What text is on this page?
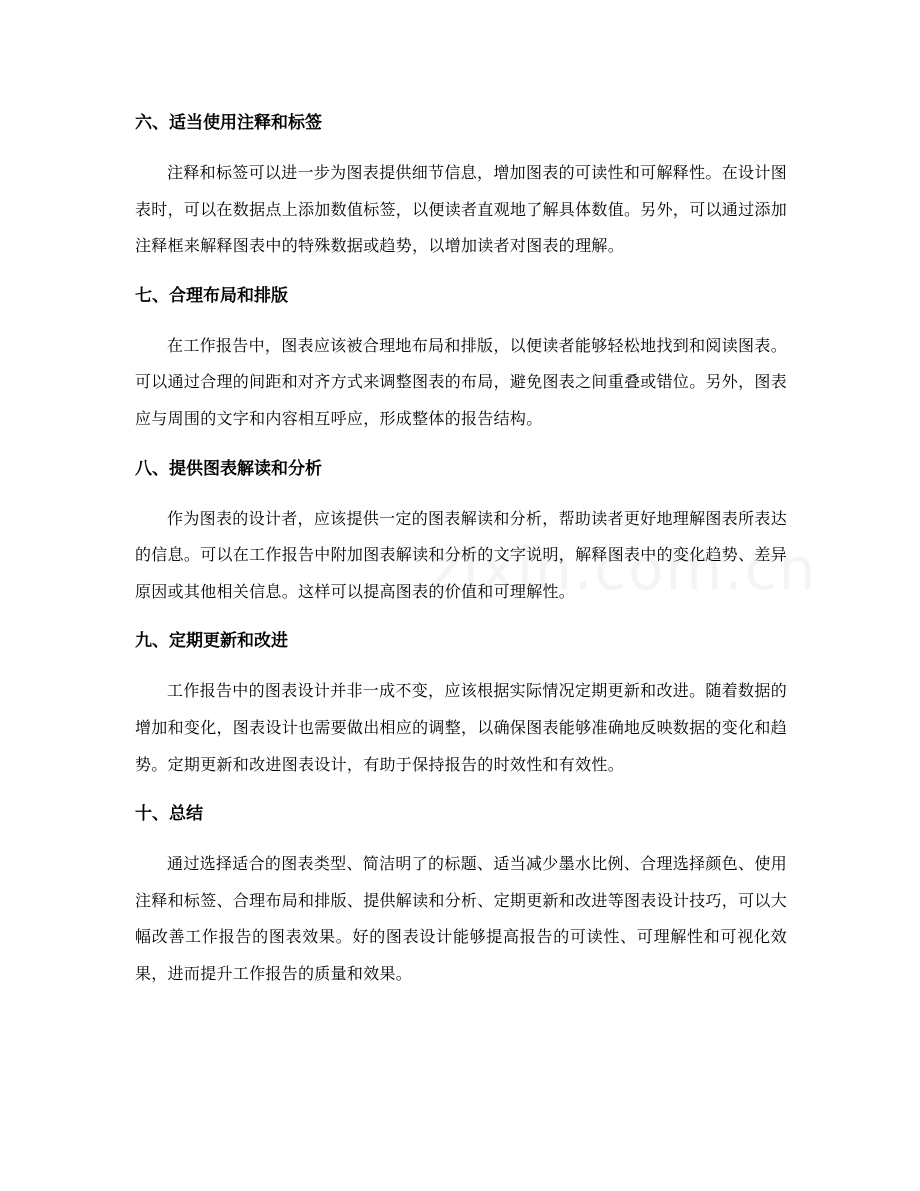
六、适当使用注释和标签

注释和标签可以进一步为图表提供细节信息，增加图表的可读性和可解释性。在设计图表时，可以在数据点上添加数值标签，以便读者直观地了解具体数值。另外，可以通过添加注释框来解释图表中的特殊数据或趋势，以增加读者对图表的理解。

七、合理布局和排版

在工作报告中，图表应该被合理地布局和排版，以便读者能够轻松地找到和阅读图表。可以通过合理的间距和对齐方式来调整图表的布局，避免图表之间重叠或错位。另外，图表应与周围的文字和内容相互呼应，形成整体的报告结构。

八、提供图表解读和分析

作为图表的设计者，应该提供一定的图表解读和分析，帮助读者更好地理解图表所表达的信息。可以在工作报告中附加图表解读和分析的文字说明，解释图表中的变化趋势、差异原因或其他相关信息。这样可以提高图表的价值和可理解性。

九、定期更新和改进

工作报告中的图表设计并非一成不变，应该根据实际情况定期更新和改进。随着数据的增加和变化，图表设计也需要做出相应的调整，以确保图表能够准确地反映数据的变化和趋势。定期更新和改进图表设计，有助于保持报告的时效性和有效性。

十、总结

通过选择适合的图表类型、简洁明了的标题、适当减少墨水比例、合理选择颜色、使用注释和标签、合理布局和排版、提供解读和分析、定期更新和改进等图表设计技巧，可以大幅改善工作报告的图表效果。好的图表设计能够提高报告的可读性、可理解性和可视化效果，进而提升工作报告的质量和效果。
